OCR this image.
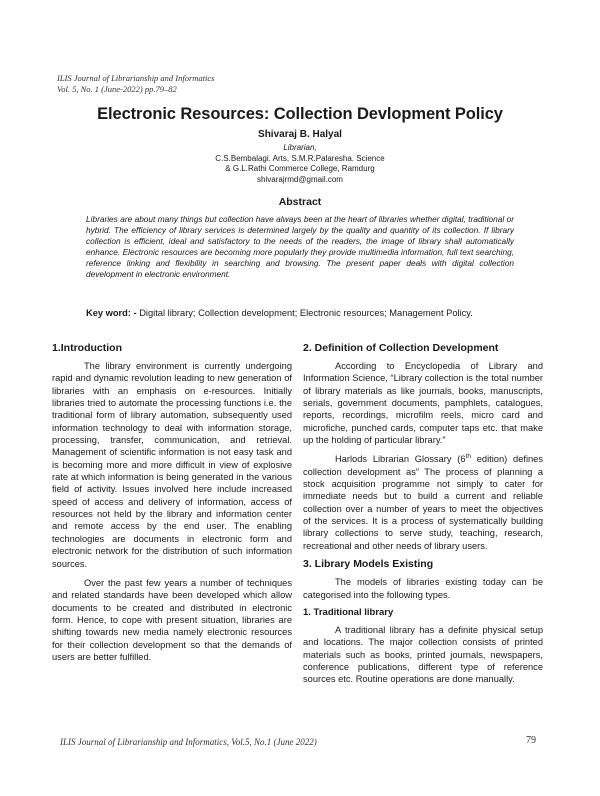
ILIS Journal of Librarianship and Informatics
Vol. 5, No. 1 (June-2022) pp.79–82
Electronic Resources: Collection Devlopment Policy
Shivaraj B. Halyal
Librarian,
C.S.Bembalagi. Arts, S.M.R.Palaresha. Science
& G.L.Rathi Commerce College, Ramdurg
shivarajrmd@gmail.com
Abstract
Libraries are about many things but collection have always been at the heart of libraries whether digital, traditional or hybrid. The efficiency of library services is determined largely by the quality and quantity of its collection. If library collection is efficient, ideal and satisfactory to the needs of the readers, the image of library shall automatically enhance. Electronic resources are becoming more popularly they provide multimedia information, full text searching, reference linking and flexibility in searching and browsing. The present paper deals with digital collection development in electronic environment.
Key word: - Digital library; Collection development; Electronic resources; Management Policy.
1.Introduction

The library environment is currently undergoing rapid and dynamic revolution leading to new generation of libraries with an emphasis on e-resources. Initially libraries tried to automate the processing functions i.e. the traditional form of library automation, subsequently used information technology to deal with information storage, processing, transfer, communication, and retrieval. Management of scientific information is not easy task and is becoming more and more difficult in view of explosive rate at which information is being generated in the various field of activity. Issues involved here include increased speed of access and delivery of information, access of resources not held by the library and information center and remote access by the end user. The enabling technologies are documents in electronic form and electronic network for the distribution of such information sources.

Over the past few years a number of techniques and related standards have been developed which allow documents to be created and distributed in electronic form. Hence, to cope with present situation, libraries are shifting towards new media namely electronic resources for their collection development so that the demands of users are better fulfilled.

2. Definition of Collection Development

According to Encyclopedia of Library and Information Science, “Library collection is the total number of library materials as like journals, books, manuscripts, serials, government documents, pamphlets, catalogues, reports, recordings, microfilm reels, micro card and microfiche, punched cards, computer taps etc. that make up the holding of particular library.”

Harlods Librarian Glossary (6th edition) defines collection development as” The process of planning a stock acquisition programme not simply to cater for immediate needs but to build a current and reliable collection over a number of years to meet the objectives of the services. It is a process of systematically building library collections to serve study, teaching, research, recreational and other needs of library users.

3. Library Models Existing

The models of libraries existing today can be categorised into the following types.

1. Traditional library

A traditional library has a definite physical setup and locations. The major collection consists of printed materials such as books, printed journals, newspapers, conference publications, different type of reference sources etc. Routine operations are done manually.

ILIS Journal of Librarianship and Informatics, Vol.5, No.1 (June 2022)	79
